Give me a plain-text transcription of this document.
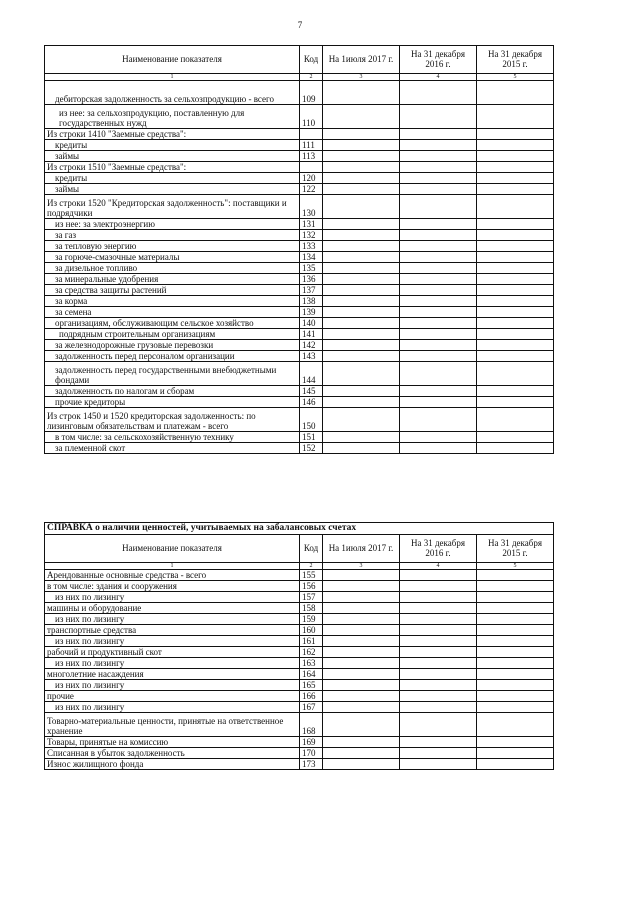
7
Наименование показателя	Код	На 1июля 2017 г.	На 31 декабря 2016 г.	На 31 декабря 2015 г.
1	2	3	4	5
дебиторская задолженность за сельхозпродукцию - всего	109			
из нее: за сельхозпродукцию, поставленную для государственных нужд	110			
Из строки 1410 "Заемные средства":				
кредиты	111			
займы	113			
Из строки 1510 "Заемные средства":				
кредиты	120			
займы	122			
Из строки 1520 "Кредиторская задолженность": поставщики и подрядчики	130			
из нее: за электроэнергию	131			
за газ	132			
за тепловую энергию	133			
за горюче-смазочные материалы	134			
за дизельное топливо	135			
за минеральные удобрения	136			
за средства защиты растений	137			
за корма	138			
за семена	139			
организациям, обслуживающим сельское хозяйство	140			
подрядным строительным организациям	141			
за железнодорожные грузовые перевозки	142			
задолженность перед персоналом организации	143			
задолженность перед государственными внебюджетными фондами	144			
задолженность по налогам и сборам	145			
прочие кредиторы	146			
Из строк 1450 и 1520 кредиторская задолженность: по лизинговым обязательствам и платежам - всего	150			
в том числе: за сельскохозяйственную технику	151			
за племенной скот	152			
СПРАВКА о наличии ценностей, учитываемых на забалансовых счетах				
Наименование показателя	Код	На 1июля 2017 г.	На 31 декабря 2016 г.	На 31 декабря 2015 г.
1	2	3	4	5
Арендованные основные средства - всего	155			
в том числе: здания и сооружения	156			
из них по лизингу	157			
машины и оборудование	158			
из них по лизингу	159			
транспортные средства	160			
из них по лизингу	161			
рабочий и продуктивный скот	162			
из них по лизингу	163			
многолетние насаждения	164			
из них по лизингу	165			
прочие	166			
из них по лизингу	167			
Товарно-материальные ценности, принятые на ответственное хранение	168			
Товары, принятые на комиссию	169			
Списанная в убыток задолженность	170			
Износ жилищного фонда	173			
